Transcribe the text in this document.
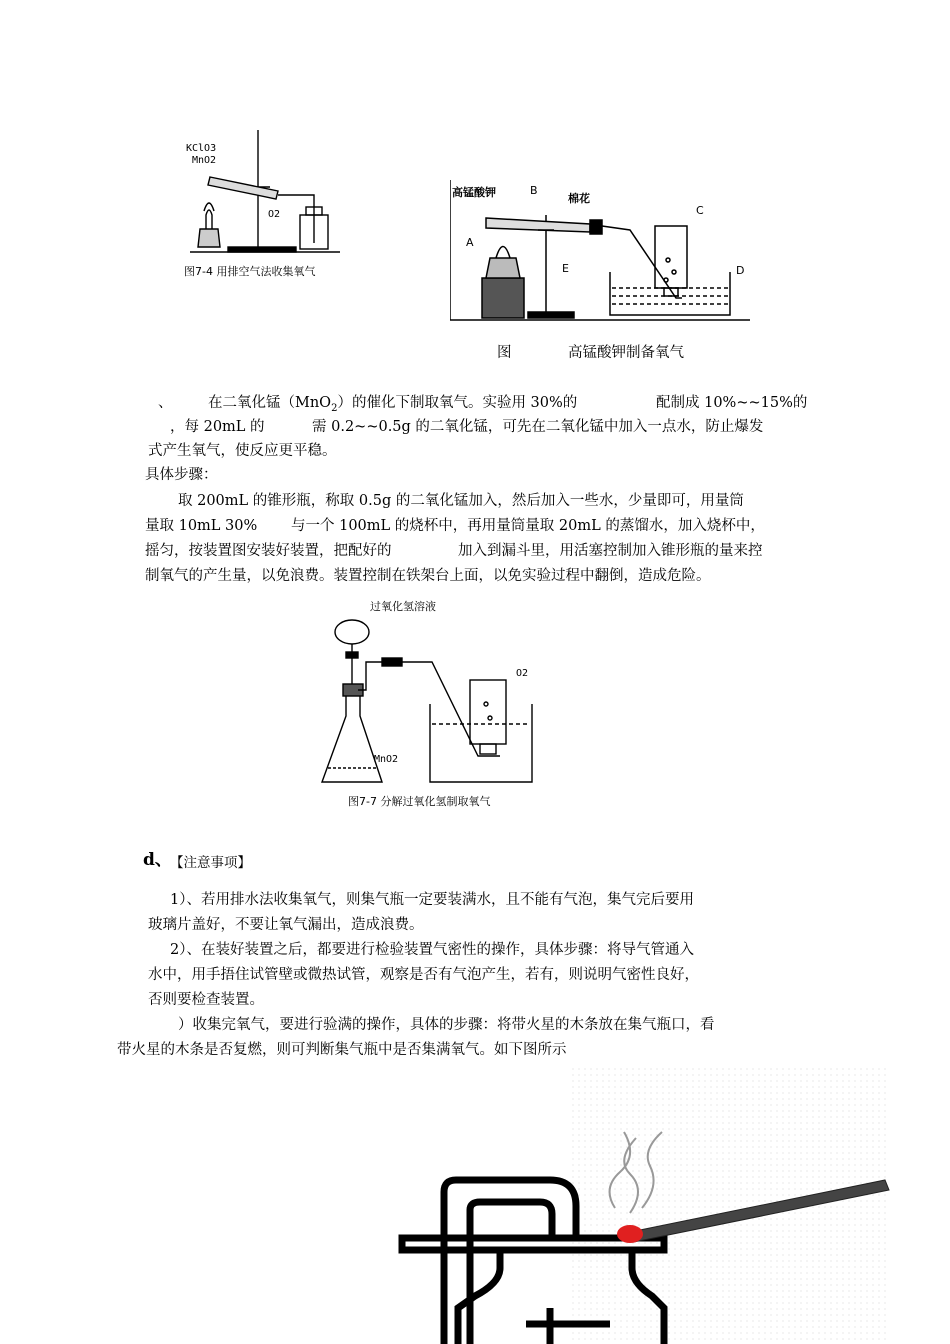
KClO3
MnO2
O2
图7-4 用排空气法收集氧气
高锰酸钾	B
棉花
C
A
E	D
图	高锰酸钾制备氧气
、 在二氧化锰（MnO$_2$）的催化下制取氧气。实验用 30%的	配制成 10%~~15%的
，每 20mL 的	需 0.2~~0.5g 的二氧化锰，可先在二氧化锰中加入一点水，防止爆发
式产生氧气，使反应更平稳。
具体步骤：
取 200mL 的锥形瓶，称取 0.5g 的二氧化锰加入，然后加入一些水，少量即可，用量筒
量取 10mL 30% 与一个 100mL 的烧杯中，再用量筒量取 20mL 的蒸馏水，加入烧杯中，
摇匀，按装置图安装好装置，把配好的	加入到漏斗里，用活塞控制加入锥形瓶的量来控
制氧气的产生量，以免浪费。装置控制在铁架台上面，以免实验过程中翻倒，造成危险。
过氧化氢溶液
O2
MnO2
图7-7 分解过氧化氢制取氧气
d、
【注意事项】
1）、若用排水法收集氧气，则集气瓶一定要装满水，且不能有气泡，集气完后要用
玻璃片盖好，不要让氧气漏出，造成浪费。
2）、在装好装置之后，都要进行检验装置气密性的操作，具体步骤：将导气管通入
水中，用手捂住试管壁或微热试管，观察是否有气泡产生，若有，则说明气密性良好，
否则要检查装置。
）收集完氧气，要进行验满的操作，具体的步骤：将带火星的木条放在集气瓶口，看
带火星的木条是否复燃，则可判断集气瓶中是否集满氧气。如下图所示
